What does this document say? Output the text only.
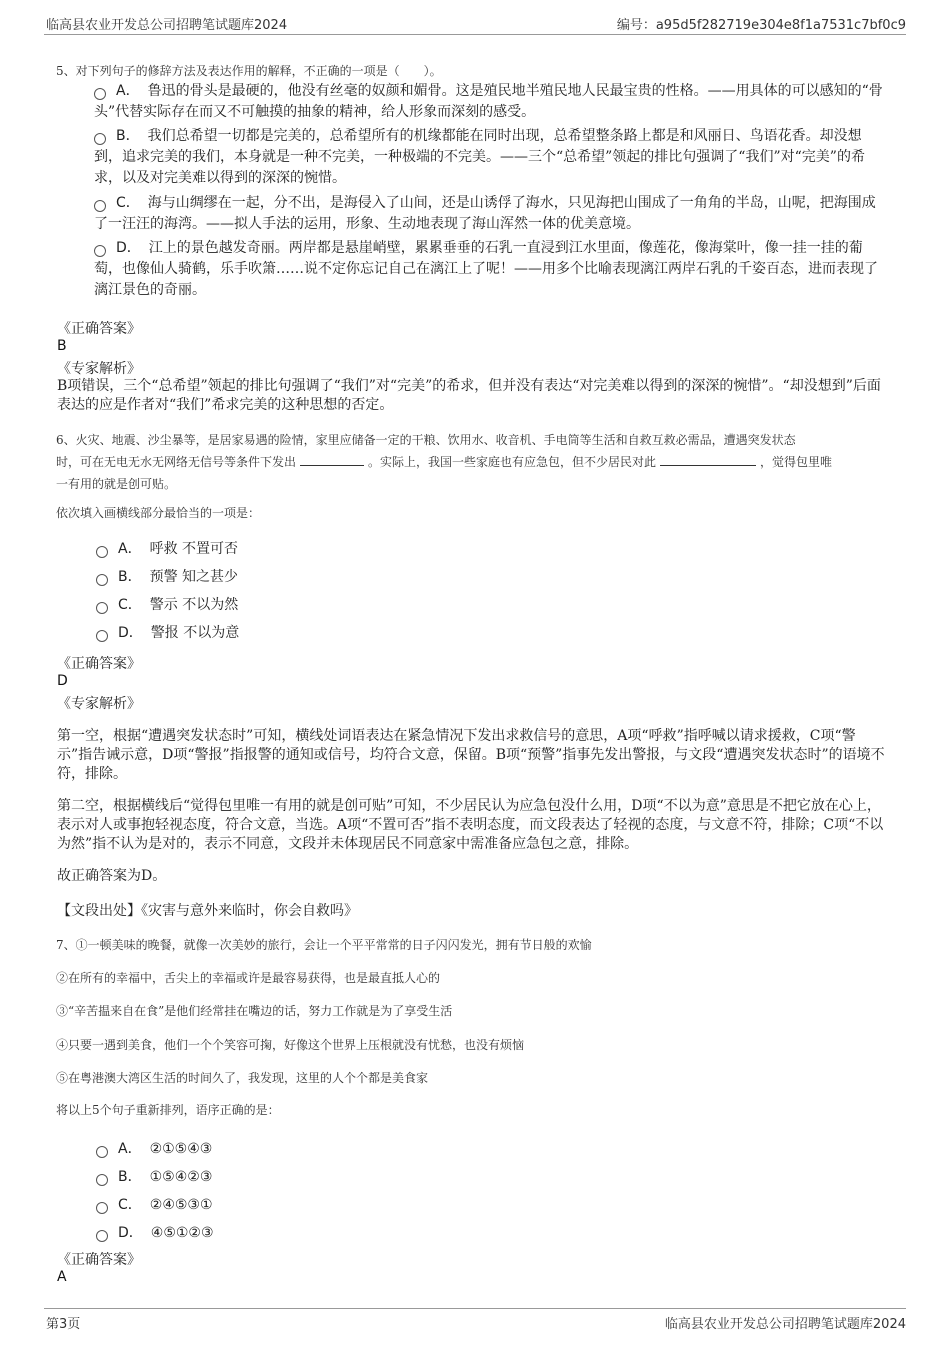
临高县农业开发总公司招聘笔试题库2024	编号：a95d5f282719e304e8f1a7531c7bf0c9
5、对下列句子的修辞方法及表达作用的解释，不正确的一项是（　　）。
A． 鲁迅的骨头是最硬的，他没有丝毫的奴颜和媚骨。这是殖民地半殖民地人民最宝贵的性格。——用具体的可以感知的“骨头”代替实际存在而又不可触摸的抽象的精神，给人形象而深刻的感受。
B． 我们总希望一切都是完美的，总希望所有的机缘都能在同时出现，总希望整条路上都是和风丽日、鸟语花香。却没想到，追求完美的我们，本身就是一种不完美，一种极端的不完美。——三个“总希望”领起的排比句强调了“我们”对“完美”的希求，以及对完美难以得到的深深的惋惜。
C． 海与山绸缪在一起，分不出，是海侵入了山间，还是山诱俘了海水，只见海把山围成了一角角的半岛，山呢，把海围成了一汪汪的海湾。——拟人手法的运用，形象、生动地表现了海山浑然一体的优美意境。
D． 江上的景色越发奇丽。两岸都是悬崖峭壁，累累垂垂的石乳一直浸到江水里面，像莲花，像海棠叶，像一挂一挂的葡萄，也像仙人骑鹤，乐手吹箫……说不定你忘记自己在漓江上了呢！——用多个比喻表现漓江两岸石乳的千姿百态，进而表现了漓江景色的奇丽。
《正确答案》
B
《专家解析》
B项错误，三个“总希望”领起的排比句强调了“我们”对“完美”的希求，但并没有表达“对完美难以得到的深深的惋惜”。“却没想到”后面表达的应是作者对“我们”希求完美的这种思想的否定。
6、火灾、地震、沙尘暴等，是居家易遇的险情，家里应储备一定的干粮、饮用水、收音机、手电筒等生活和自救互救必需品，遭遇突发状态
时，可在无电无水无网络无信号等条件下发出	。实际上，我国一些家庭也有应急包，但不少居民对此	，觉得包里唯
一有用的就是创可贴。
依次填入画横线部分最恰当的一项是：
A． 呼救 不置可否
B． 预警 知之甚少
C． 警示 不以为然
D． 警报 不以为意
《正确答案》
D
《专家解析》
第一空，根据“遭遇突发状态时”可知，横线处词语表达在紧急情况下发出求救信号的意思，A项“呼救”指呼喊以请求援救，C项“警示”指告诫示意，D项“警报”指报警的通知或信号，均符合文意，保留。B项“预警”指事先发出警报，与文段“遭遇突发状态时”的语境不符，排除。
第二空，根据横线后“觉得包里唯一有用的就是创可贴”可知，不少居民认为应急包没什么用，D项“不以为意”意思是不把它放在心上，表示对人或事抱轻视态度，符合文意，当选。A项“不置可否”指不表明态度，而文段表达了轻视的态度，与文意不符，排除；C项“不以为然”指不认为是对的，表示不同意，文段并未体现居民不同意家中需准备应急包之意，排除。
故正确答案为D。
【文段出处】《灾害与意外来临时，你会自救吗》
7、①一顿美味的晚餐，就像一次美妙的旅行，会让一个平平常常的日子闪闪发光，拥有节日般的欢愉
②在所有的幸福中，舌尖上的幸福或许是最容易获得，也是最直抵人心的
③“辛苦揾来自在食”是他们经常挂在嘴边的话，努力工作就是为了享受生活
④只要一遇到美食，他们一个个笑容可掬，好像这个世界上压根就没有忧愁，也没有烦恼
⑤在粤港澳大湾区生活的时间久了，我发现，这里的人个个都是美食家
将以上5个句子重新排列，语序正确的是：
A． ②①⑤④③
B． ①⑤④②③
C． ②④⑤③①
D． ④⑤①②③
《正确答案》
A
第3页	临高县农业开发总公司招聘笔试题库2024
